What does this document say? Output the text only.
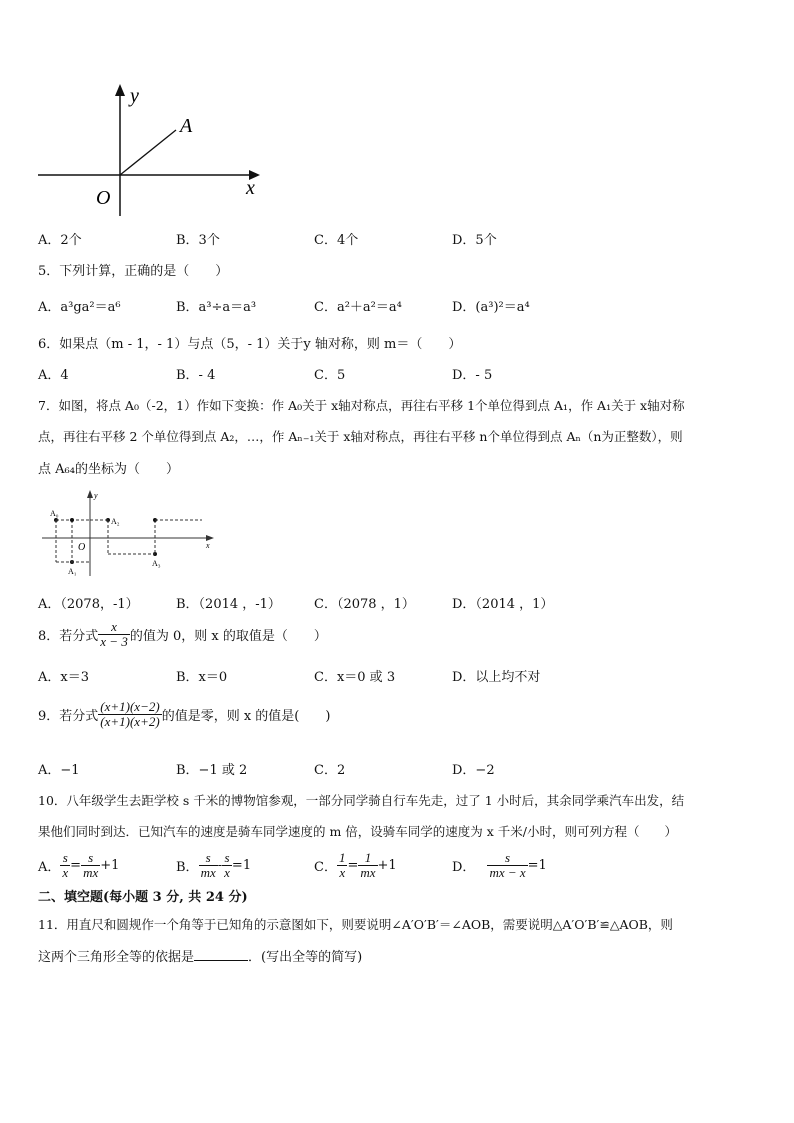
y
x
O
A
A．2个	B．3个	C．4个	D．5个
5．下列计算，正确的是（　　）
A．a³ga²＝a⁶	B．a³÷a＝a³	C．a²＋a²＝a⁴	D．(a³)²＝a⁴
6．如果点（m - 1，- 1）与点（5，- 1）关于y 轴对称，则 m＝（　　）
A．4	B．- 4	C．5	D．- 5
7．如图，将点 A₀（-2，1）作如下变换：作 A₀关于 x轴对称点，再往右平移 1个单位得到点 A₁，作 A₁关于 x轴对称
点，再往右平移 2 个单位得到点 A₂，…，作 Aₙ₋₁关于 x轴对称点，再往右平移 n个单位得到点 Aₙ（n为正整数），则
点 A₆₄的坐标为（　　）
y
x
O
A₀
A₁
A₂
A₃
A．（2078，-1）	B．（2014 ，-1）	C．（2078 ，1）	D．（2014 ，1）
8．若分式 $\frac{x}{x - 3}$ 的值为 0，则 x 的取值是（　　）
A．x＝3	B．x＝0	C．x＝0 或 3	D．以上均不对
9．若分式 $\frac{(x+1)(x-2)}{(x+1)(x+2)}$ 的值是零，则 x 的值是(　　)
A．−1	B．−1 或 2	C．2	D．−2
10．八年级学生去距学校 s 千米的博物馆参观，一部分同学骑自行车先走，过了 1 小时后，其余同学乘汽车出发，结
果他们同时到达．已知汽车的速度是骑车同学速度的 m 倍，设骑车同学的速度为 x 千米/小时，则可列方程（　　）
A． $\frac{s}{x} = \frac{s}{mx} +1$	B． $\frac{s}{mx} - \frac{s}{x} =1$	C． $\frac{1}{x} = \frac{1}{mx} +1$	D． $\frac{s}{mx - x} =1$
二、填空题(每小题 3 分, 共 24 分)
11．用直尺和圆规作一个角等于已知角的示意图如下，则要说明∠A′O′B′＝∠AOB，需要说明△A′O′B′≌△AOB，则
这两个三角形全等的依据是	．(写出全等的简写)
